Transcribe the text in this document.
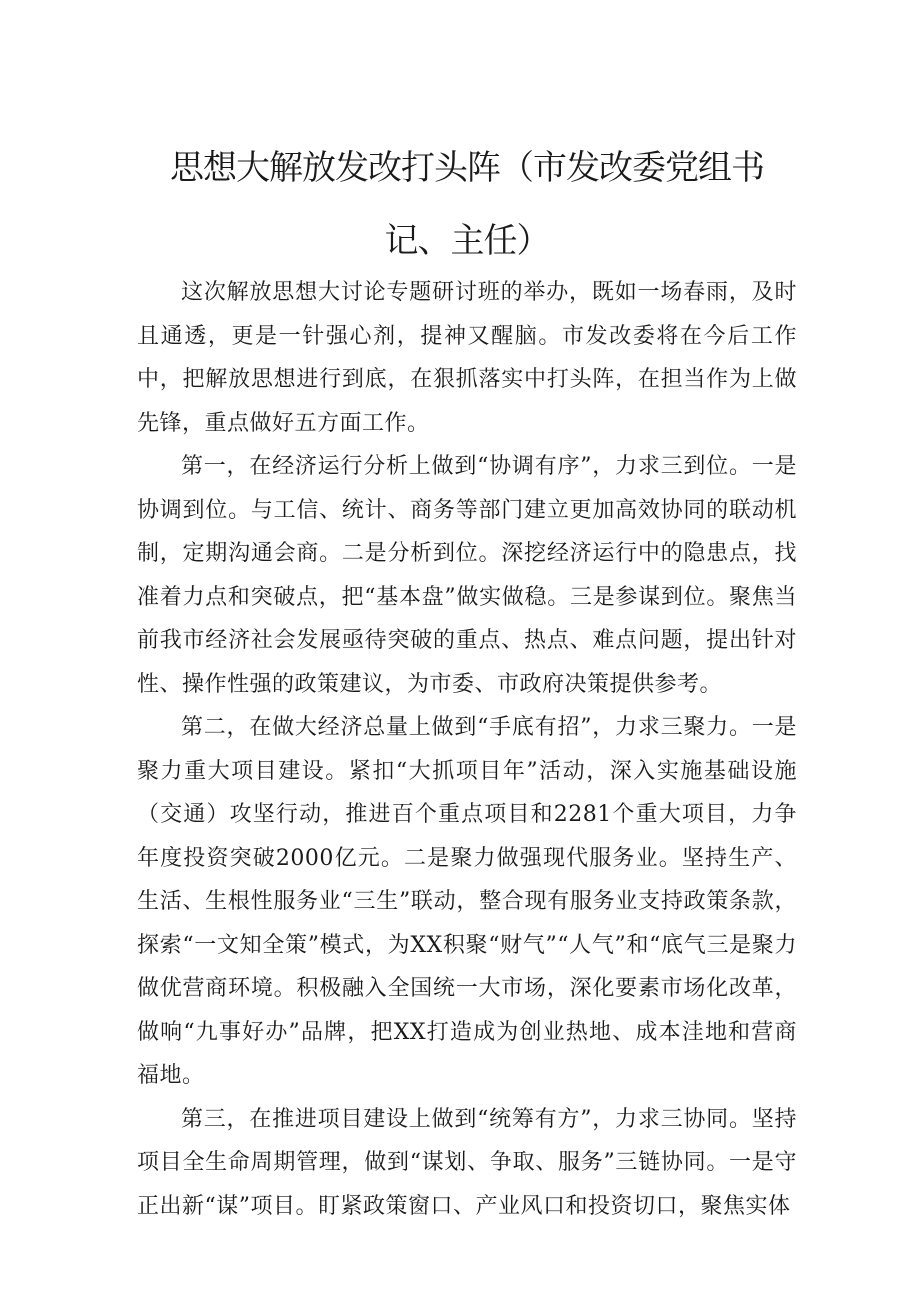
思想大解放发改打头阵（市发改委党组书
记、主任）

这次解放思想大讨论专题研讨班的举办，既如一场春雨，及时且通透，更是一针强心剂，提神又醒脑。市发改委将在今后工作中，把解放思想进行到底，在狠抓落实中打头阵，在担当作为上做先锋，重点做好五方面工作。

第一，在经济运行分析上做到“协调有序”，力求三到位。一是协调到位。与工信、统计、商务等部门建立更加高效协同的联动机制，定期沟通会商。二是分析到位。深挖经济运行中的隐患点，找准着力点和突破点，把“基本盘”做实做稳。三是参谋到位。聚焦当前我市经济社会发展亟待突破的重点、热点、难点问题，提出针对性、操作性强的政策建议，为市委、市政府决策提供参考。

第二，在做大经济总量上做到“手底有招”，力求三聚力。一是聚力重大项目建设。紧扣“大抓项目年”活动，深入实施基础设施（交通）攻坚行动，推进百个重点项目和2281个重大项目，力争年度投资突破2000亿元。二是聚力做强现代服务业。坚持生产、生活、生根性服务业“三生”联动，整合现有服务业支持政策条款，探索“一文知全策”模式，为XX积聚“财气”“人气”和“底气三是聚力做优营商环境。积极融入全国统一大市场，深化要素市场化改革，做响“九事好办”品牌，把XX打造成为创业热地、成本洼地和营商福地。

第三，在推进项目建设上做到“统筹有方”，力求三协同。坚持项目全生命周期管理，做到“谋划、争取、服务”三链协同。一是守正出新“谋”项目。盯紧政策窗口、产业风口和投资切口，聚焦实体
